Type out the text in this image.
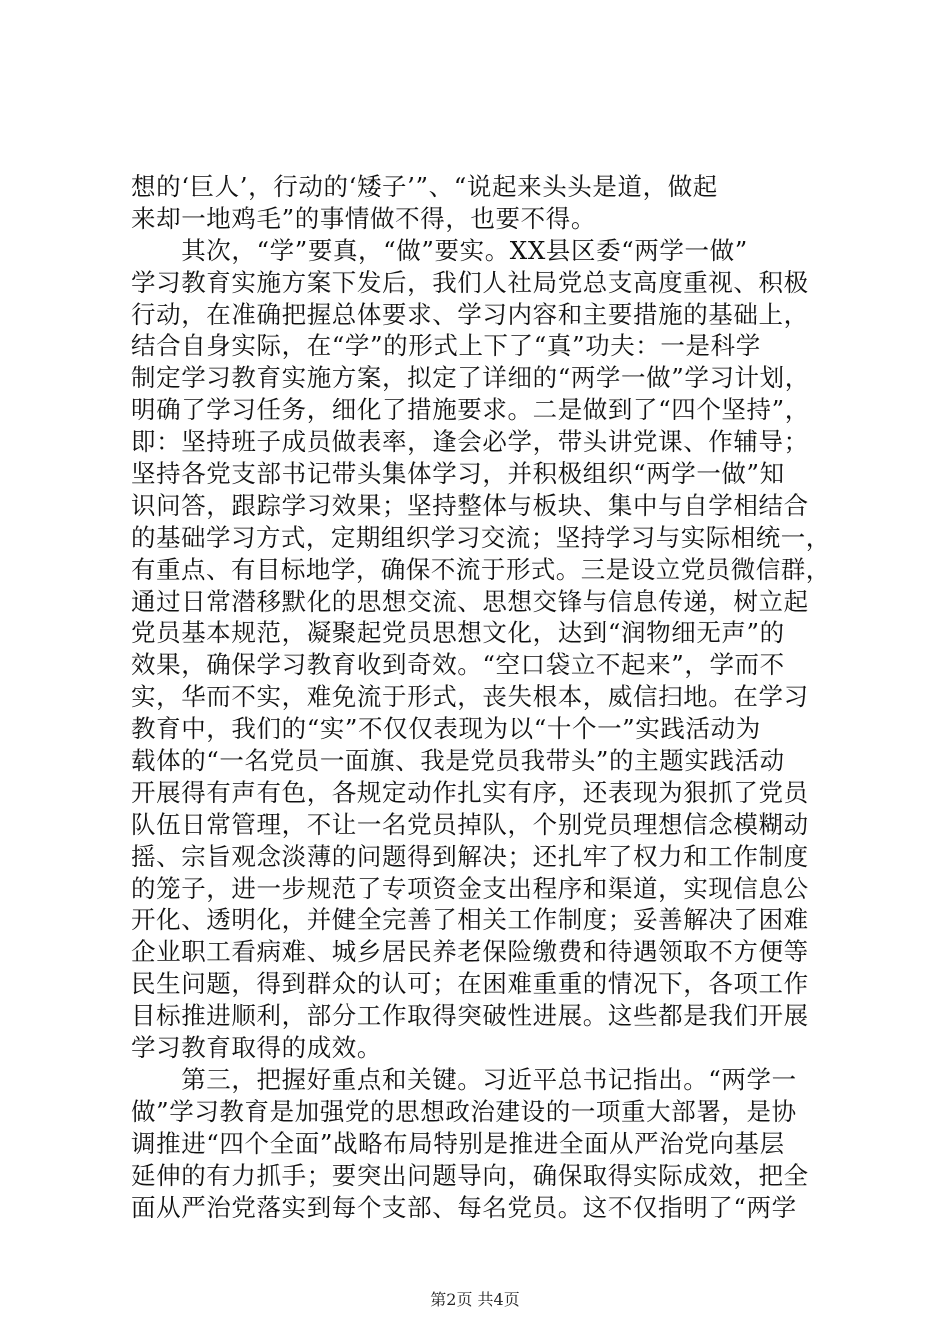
想的‘巨人’，行动的‘矮子’”、“说起来头头是道，做起
来却一地鸡毛”的事情做不得，也要不得。
　　其次，“学”要真，“做”要实。XX县区委“两学一做”
学习教育实施方案下发后，我们人社局党总支高度重视、积极
行动，在准确把握总体要求、学习内容和主要措施的基础上，
结合自身实际，在“学”的形式上下了“真”功夫：一是科学
制定学习教育实施方案，拟定了详细的“两学一做”学习计划，
明确了学习任务，细化了措施要求。二是做到了“四个坚持”，
即：坚持班子成员做表率，逢会必学，带头讲党课、作辅导；
坚持各党支部书记带头集体学习，并积极组织“两学一做”知
识问答，跟踪学习效果；坚持整体与板块、集中与自学相结合
的基础学习方式，定期组织学习交流；坚持学习与实际相统一，
有重点、有目标地学，确保不流于形式。三是设立党员微信群，
通过日常潜移默化的思想交流、思想交锋与信息传递，树立起
党员基本规范，凝聚起党员思想文化，达到“润物细无声”的
效果，确保学习教育收到奇效。“空口袋立不起来”，学而不
实，华而不实，难免流于形式，丧失根本，威信扫地。在学习
教育中，我们的“实”不仅仅表现为以“十个一”实践活动为
载体的“一名党员一面旗、我是党员我带头”的主题实践活动
开展得有声有色，各规定动作扎实有序，还表现为狠抓了党员
队伍日常管理，不让一名党员掉队，个别党员理想信念模糊动
摇、宗旨观念淡薄的问题得到解决；还扎牢了权力和工作制度
的笼子，进一步规范了专项资金支出程序和渠道，实现信息公
开化、透明化，并健全完善了相关工作制度；妥善解决了困难
企业职工看病难、城乡居民养老保险缴费和待遇领取不方便等
民生问题，得到群众的认可；在困难重重的情况下，各项工作
目标推进顺利，部分工作取得突破性进展。这些都是我们开展
学习教育取得的成效。
　　第三，把握好重点和关键。习近平总书记指出。“两学一
做”学习教育是加强党的思想政治建设的一项重大部署，是协
调推进“四个全面”战略布局特别是推进全面从严治党向基层
延伸的有力抓手；要突出问题导向，确保取得实际成效，把全
面从严治党落实到每个支部、每名党员。这不仅指明了“两学
第2页 共4页
